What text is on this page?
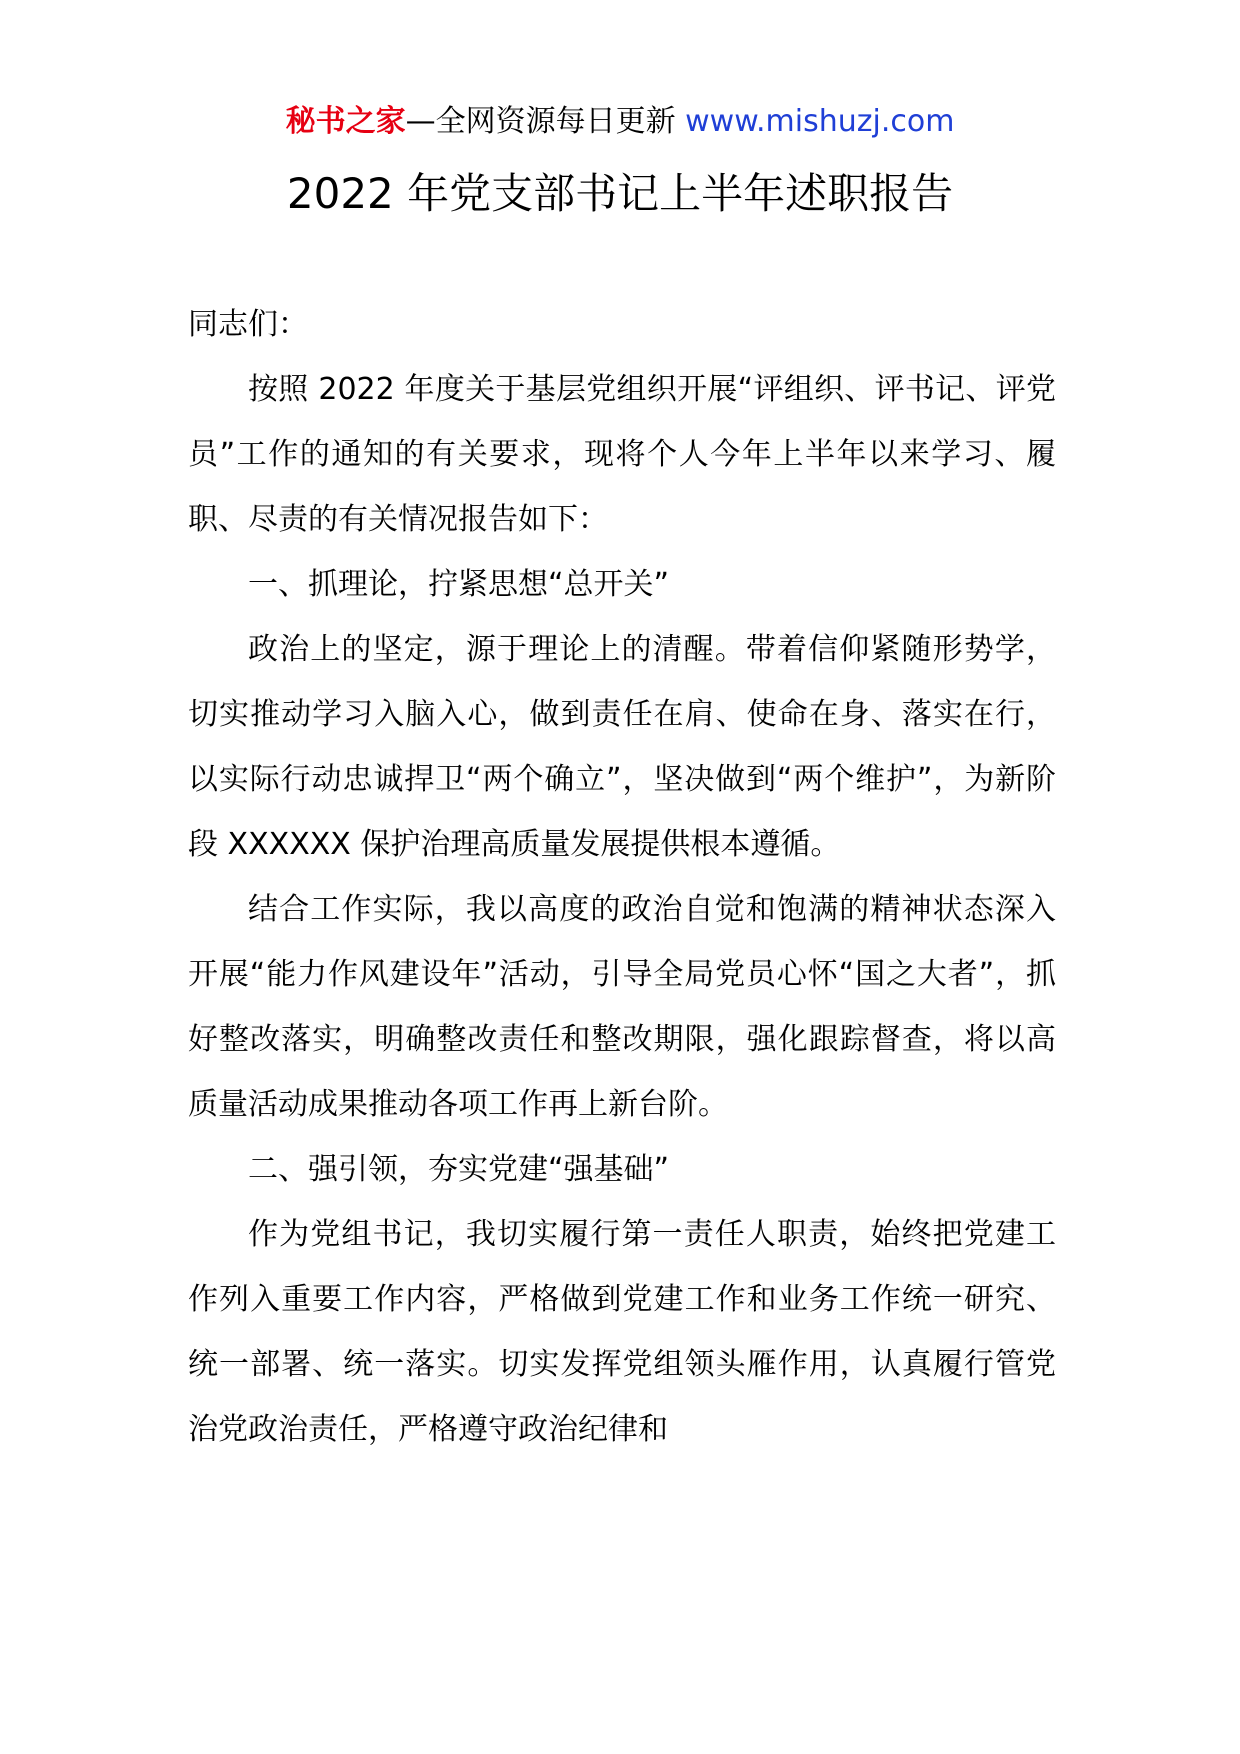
秘书之家—全网资源每日更新 www.mishuzj.com
2022 年党支部书记上半年述职报告

同志们：

按照 2022 年度关于基层党组织开展“评组织、评书记、评党员”工作的通知的有关要求，现将个人今年上半年以来学习、履职、尽责的有关情况报告如下：

一、抓理论，拧紧思想“总开关”

政治上的坚定，源于理论上的清醒。带着信仰紧随形势学，切实推动学习入脑入心，做到责任在肩、使命在身、落实在行，以实际行动忠诚捍卫“两个确立”，坚决做到“两个维护”，为新阶段 XXXXXX 保护治理高质量发展提供根本遵循。

结合工作实际，我以高度的政治自觉和饱满的精神状态深入开展“能力作风建设年”活动，引导全局党员心怀“国之大者”，抓好整改落实，明确整改责任和整改期限，强化跟踪督查，将以高质量活动成果推动各项工作再上新台阶。

二、强引领，夯实党建“强基础”

作为党组书记，我切实履行第一责任人职责，始终把党建工作列入重要工作内容，严格做到党建工作和业务工作统一研究、统一部署、统一落实。切实发挥党组领头雁作用，认真履行管党治党政治责任，严格遵守政治纪律和
